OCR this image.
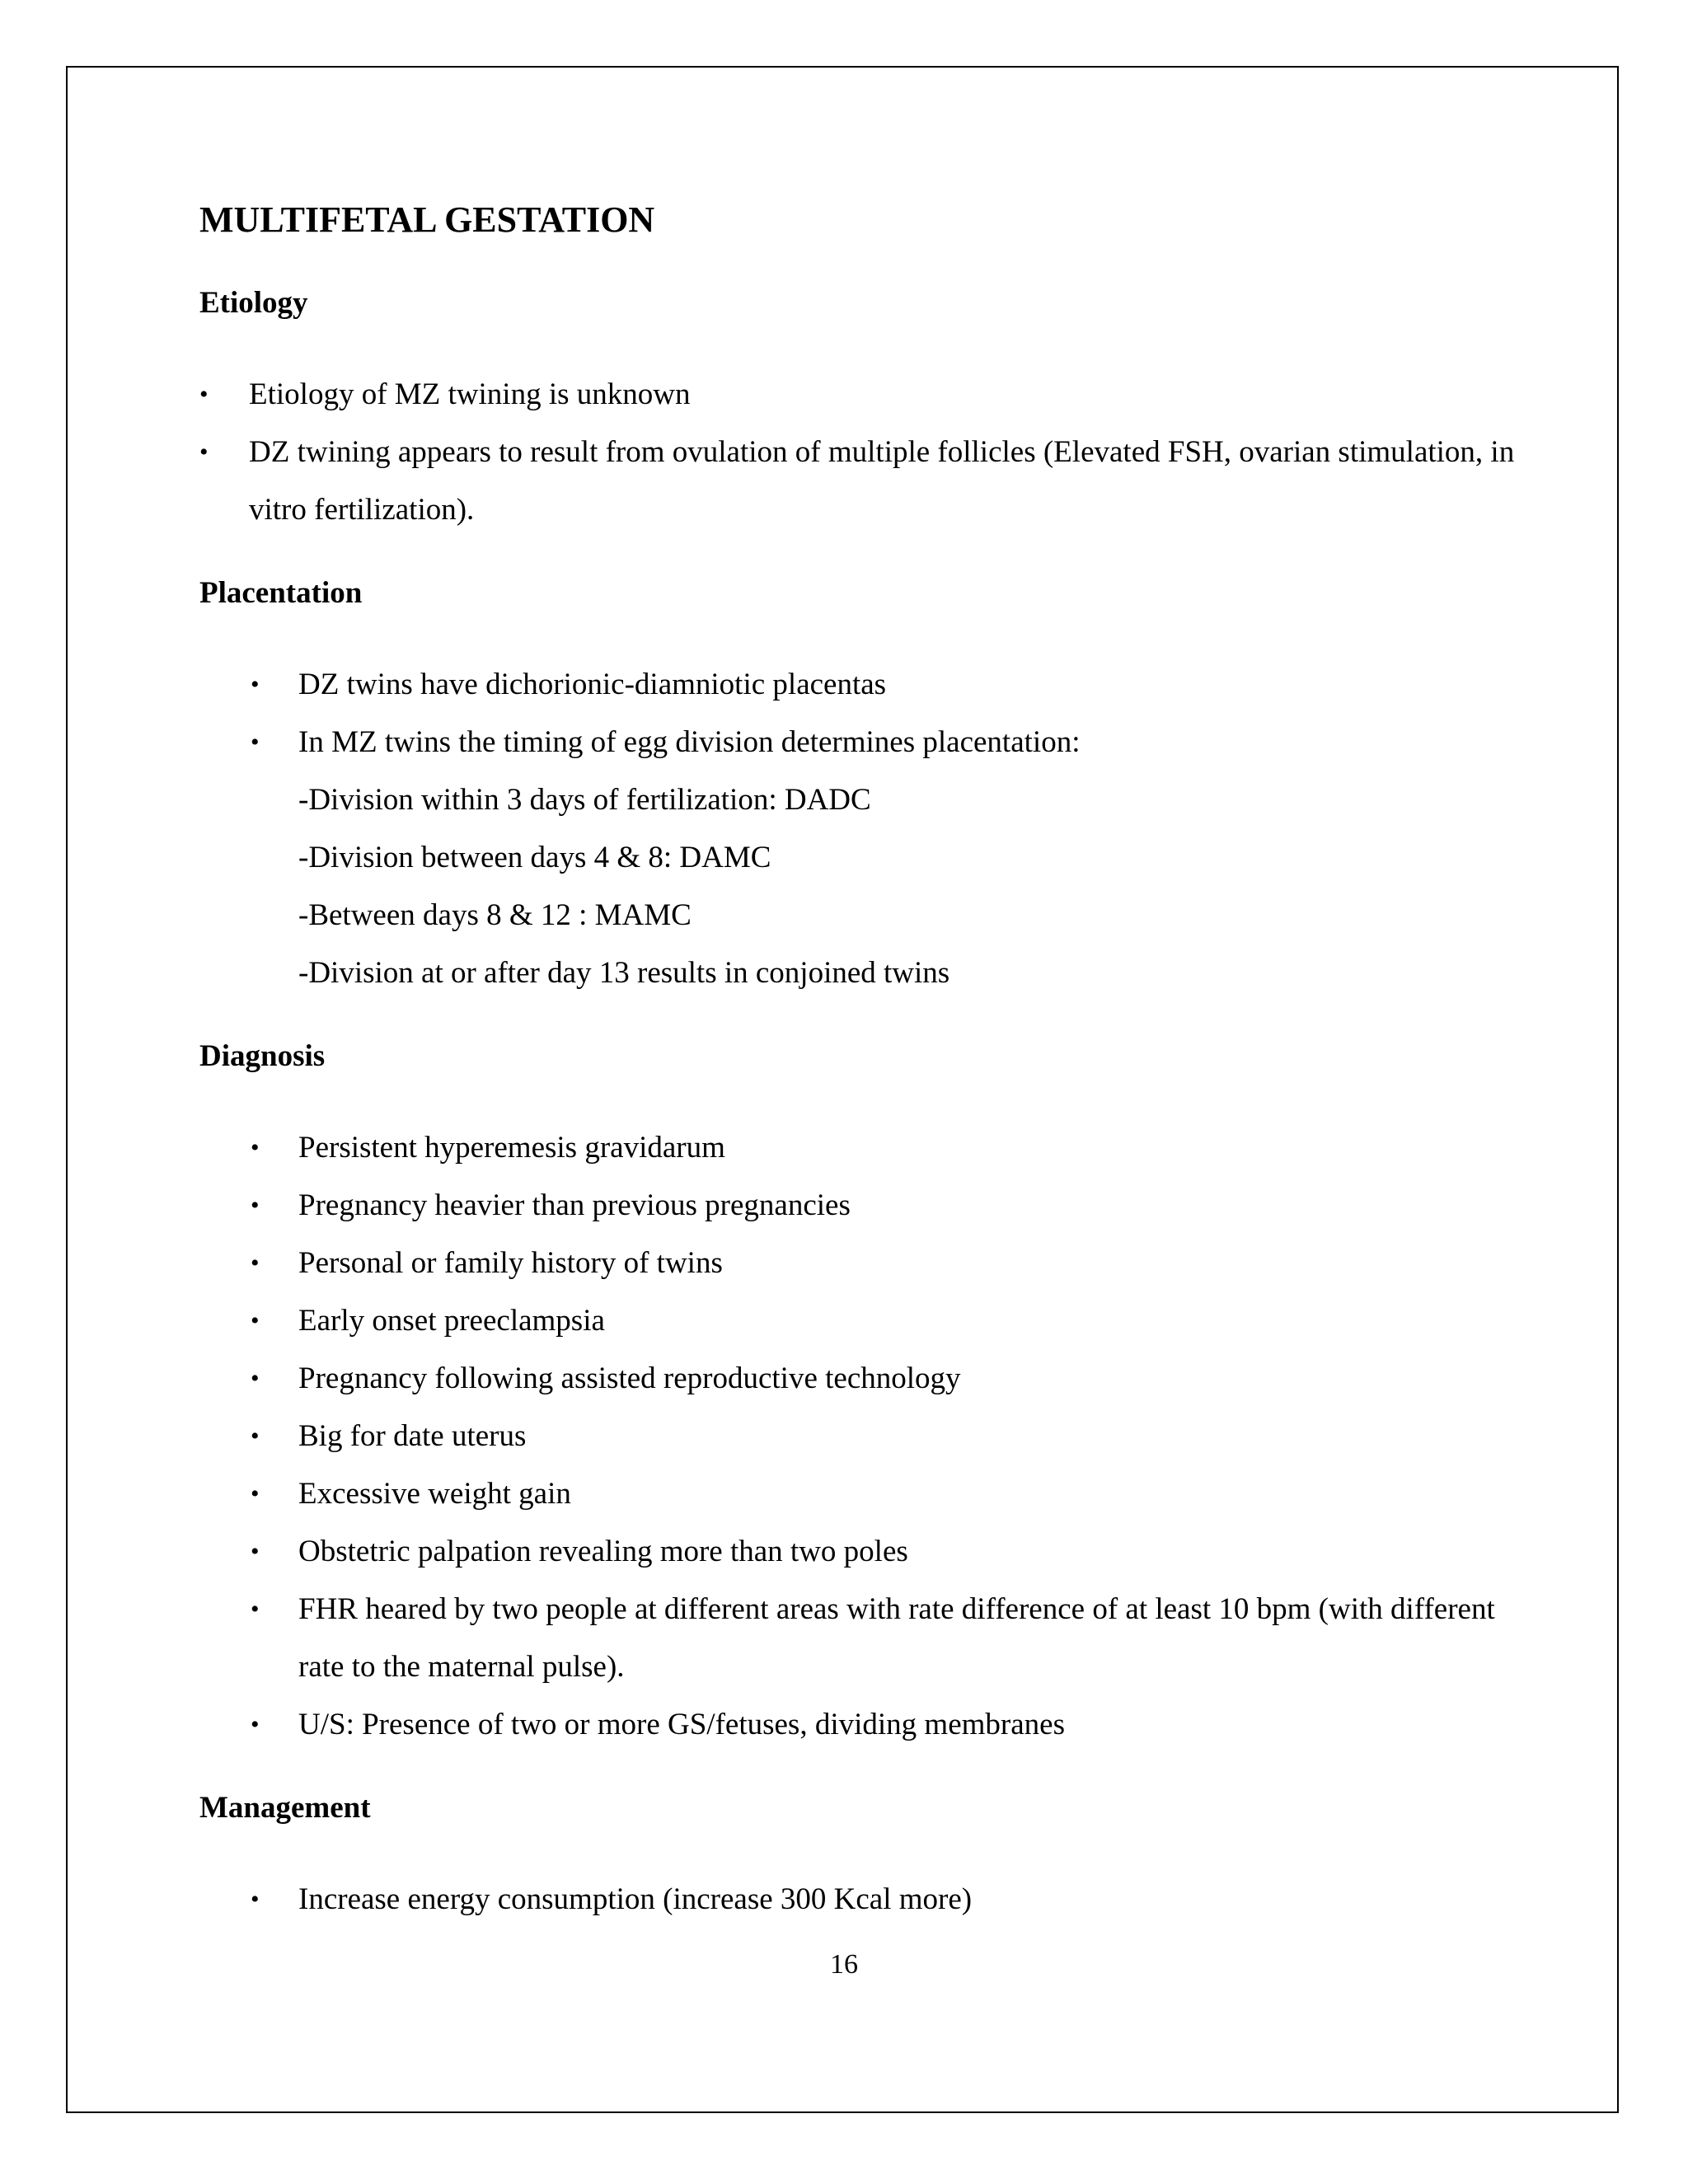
MULTIFETAL GESTATION
Etiology
• Etiology of MZ twining is unknown
• DZ twining appears to result from ovulation of multiple follicles (Elevated FSH, ovarian stimulation, in vitro fertilization).
Placentation
• DZ twins have dichorionic-diamniotic placentas
• In MZ twins the timing of egg division determines placentation:
-Division within 3 days of fertilization: DADC
-Division between days 4 & 8: DAMC
-Between days 8 & 12 : MAMC
-Division at or after day 13 results in conjoined twins
Diagnosis
• Persistent hyperemesis gravidarum
• Pregnancy heavier than previous pregnancies
• Personal or family history of twins
• Early onset preeclampsia
• Pregnancy following assisted reproductive technology
• Big for date uterus
• Excessive weight gain
• Obstetric palpation revealing more than two poles
• FHR heared by two people at different areas with rate difference of at least 10 bpm (with different rate to the maternal pulse).
• U/S: Presence of two or more GS/fetuses, dividing membranes
Management
• Increase energy consumption (increase 300 Kcal more)
16
